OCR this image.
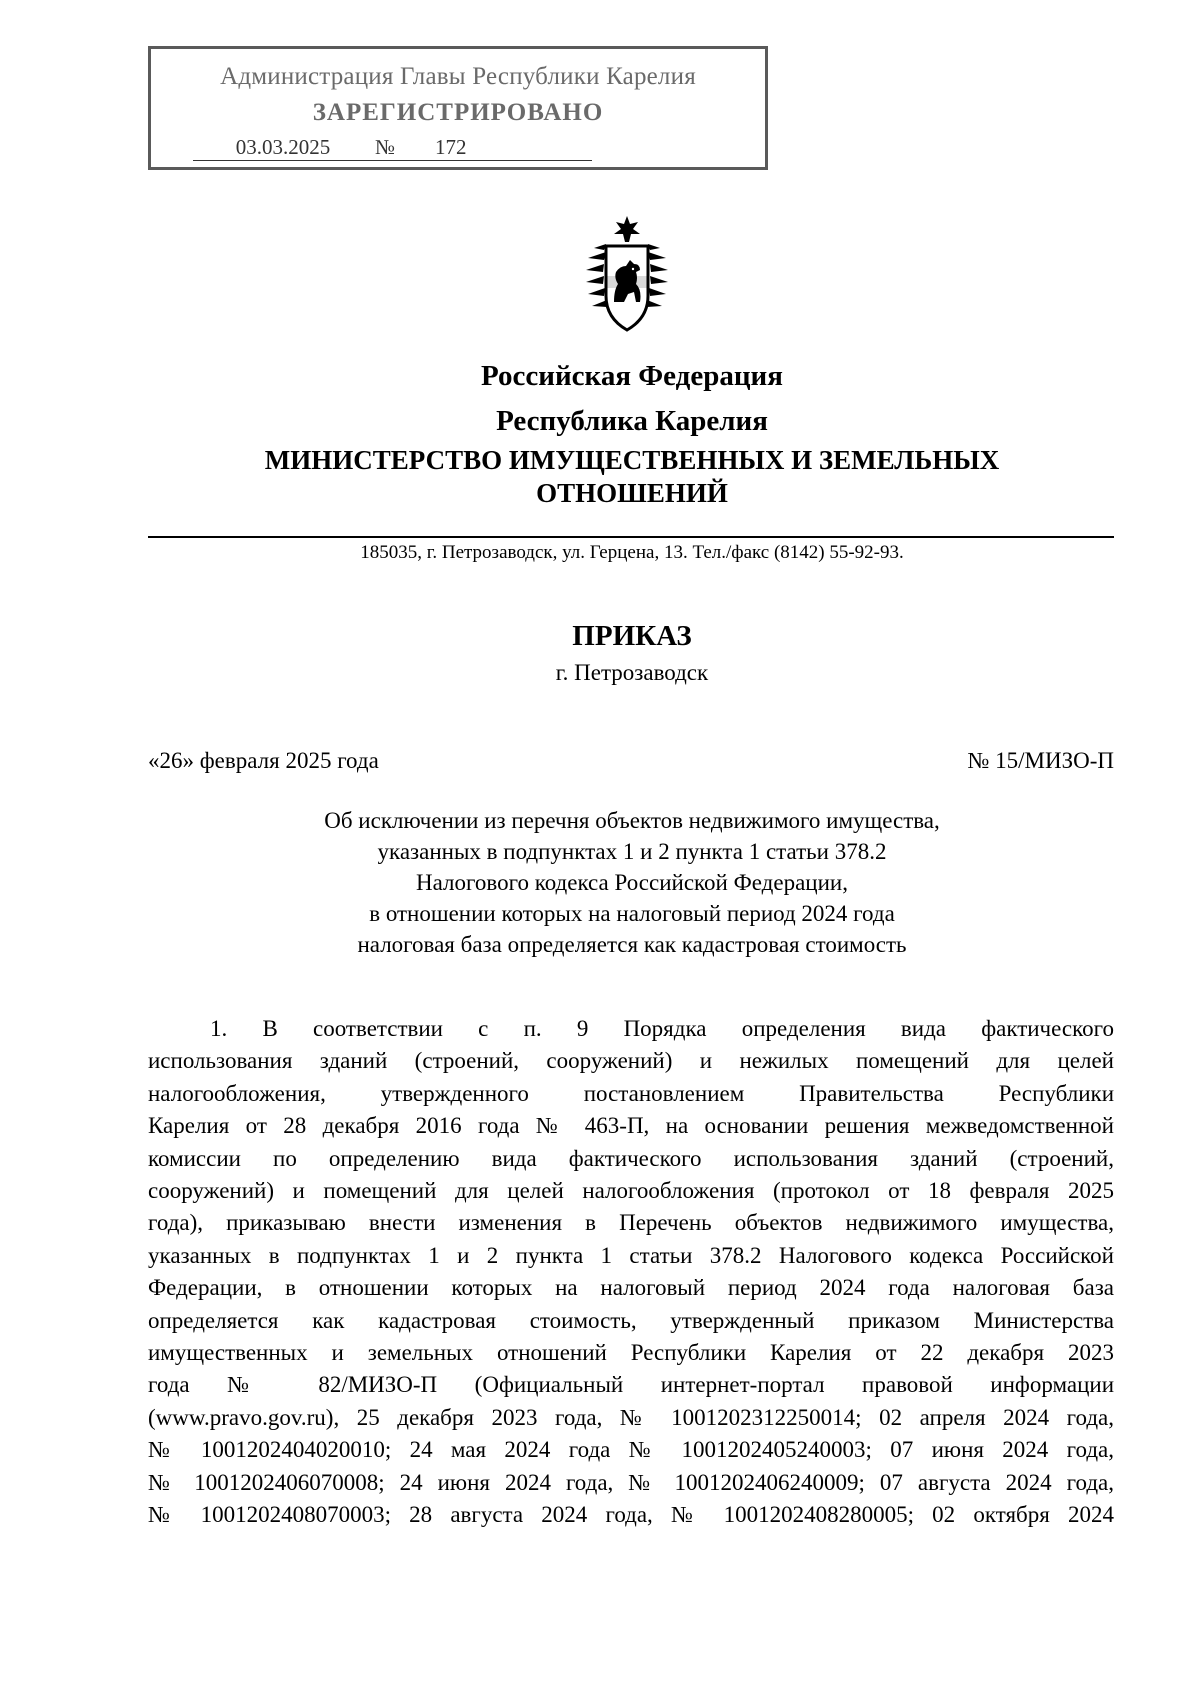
Администрация Главы Республики Карелия
ЗАРЕГИСТРИРОВАНО
03.03.2025 № 172
Российская Федерация
Республика Карелия
МИНИСТЕРСТВО ИМУЩЕСТВЕННЫХ И ЗЕМЕЛЬНЫХ
ОТНОШЕНИЙ
185035, г. Петрозаводск, ул. Герцена, 13. Тел./факс (8142) 55-92-93.
ПРИКАЗ
г. Петрозаводск
«26» февраля 2025 года	№ 15/МИЗО-П
Об исключении из перечня объектов недвижимого имущества,
указанных в подпунктах 1 и 2 пункта 1 статьи 378.2
Налогового кодекса Российской Федерации,
в отношении которых на налоговый период 2024 года
налоговая база определяется как кадастровая стоимость
1. В соответствии с п. 9 Порядка определения вида фактического
использования зданий (строений, сооружений) и нежилых помещений для целей
налогообложения, утвержденного постановлением Правительства Республики
Карелия от 28 декабря 2016 года № 463-П, на основании решения межведомственной
комиссии по определению вида фактического использования зданий (строений,
сооружений) и помещений для целей налогообложения (протокол от 18 февраля 2025
года), приказываю внести изменения в Перечень объектов недвижимого имущества,
указанных в подпунктах 1 и 2 пункта 1 статьи 378.2 Налогового кодекса Российской
Федерации, в отношении которых на налоговый период 2024 года налоговая база
определяется как кадастровая стоимость, утвержденный приказом Министерства
имущественных и земельных отношений Республики Карелия от 22 декабря 2023
года № 82/МИЗО-П (Официальный интернет-портал правовой информации
(www.pravo.gov.ru), 25 декабря 2023 года, № 1001202312250014; 02 апреля 2024 года,
№ 1001202404020010; 24 мая 2024 года № 1001202405240003; 07 июня 2024 года,
№ 1001202406070008; 24 июня 2024 года, № 1001202406240009; 07 августа 2024 года,
№ 1001202408070003; 28 августа 2024 года, № 1001202408280005; 02 октября 2024
